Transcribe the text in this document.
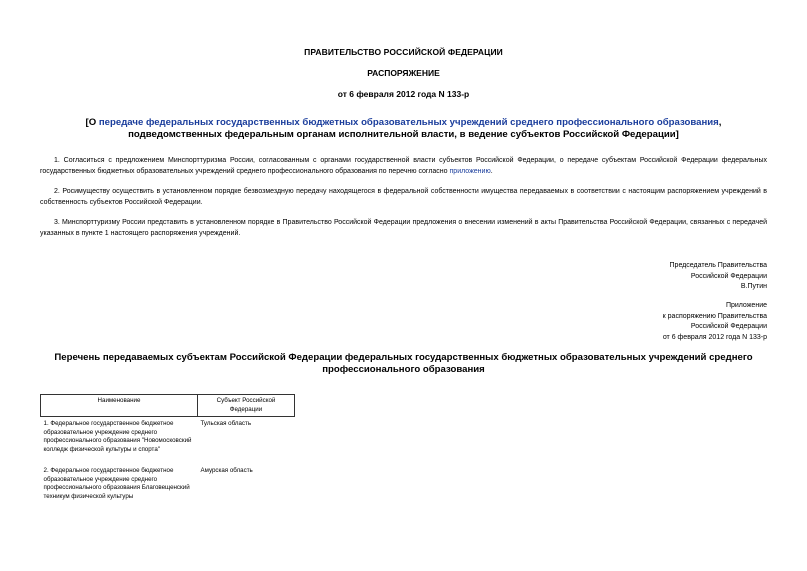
ПРАВИТЕЛЬСТВО РОССИЙСКОЙ ФЕДЕРАЦИИ
РАСПОРЯЖЕНИЕ
от 6 февраля 2012 года N 133-р
[О передаче федеральных государственных бюджетных образовательных учреждений среднего профессионального образования, подведомственных федеральным органам исполнительной власти, в ведение субъектов Российской Федерации]
1. Согласиться с предложением Минспорттуризма России, согласованным с органами государственной власти субъектов Российской Федерации, о передаче субъектам Российской Федерации федеральных государственных бюджетных образовательных учреждений среднего профессионального образования по перечню согласно приложению.
2. Росимуществу осуществить в установленном порядке безвозмездную передачу находящегося в федеральной собственности имущества передаваемых в соответствии с настоящим распоряжением учреждений в собственность субъектов Российской Федерации.
3. Минспорттуризму России представить в установленном порядке в Правительство Российской Федерации предложения о внесении изменений в акты Правительства Российской Федерации, связанных с передачей указанных в пункте 1 настоящего распоряжения учреждений.
Председатель Правительства
Российской Федерации
В.Путин
Приложение
к распоряжению Правительства
Российской Федерации
от 6 февраля 2012 года N 133-р
Перечень передаваемых субъектам Российской Федерации федеральных государственных бюджетных образовательных учреждений среднего профессионального образования
Наименование	Субъект Российской Федерации
1. Федеральное государственное бюджетное образовательное учреждение среднего профессионального образования "Новомосковский колледж физической культуры и спорта"	Тульская область
2. Федеральное государственное бюджетное образовательное учреждение среднего профессионального образования Благовещенский техникум физической культуры	Амурская область
